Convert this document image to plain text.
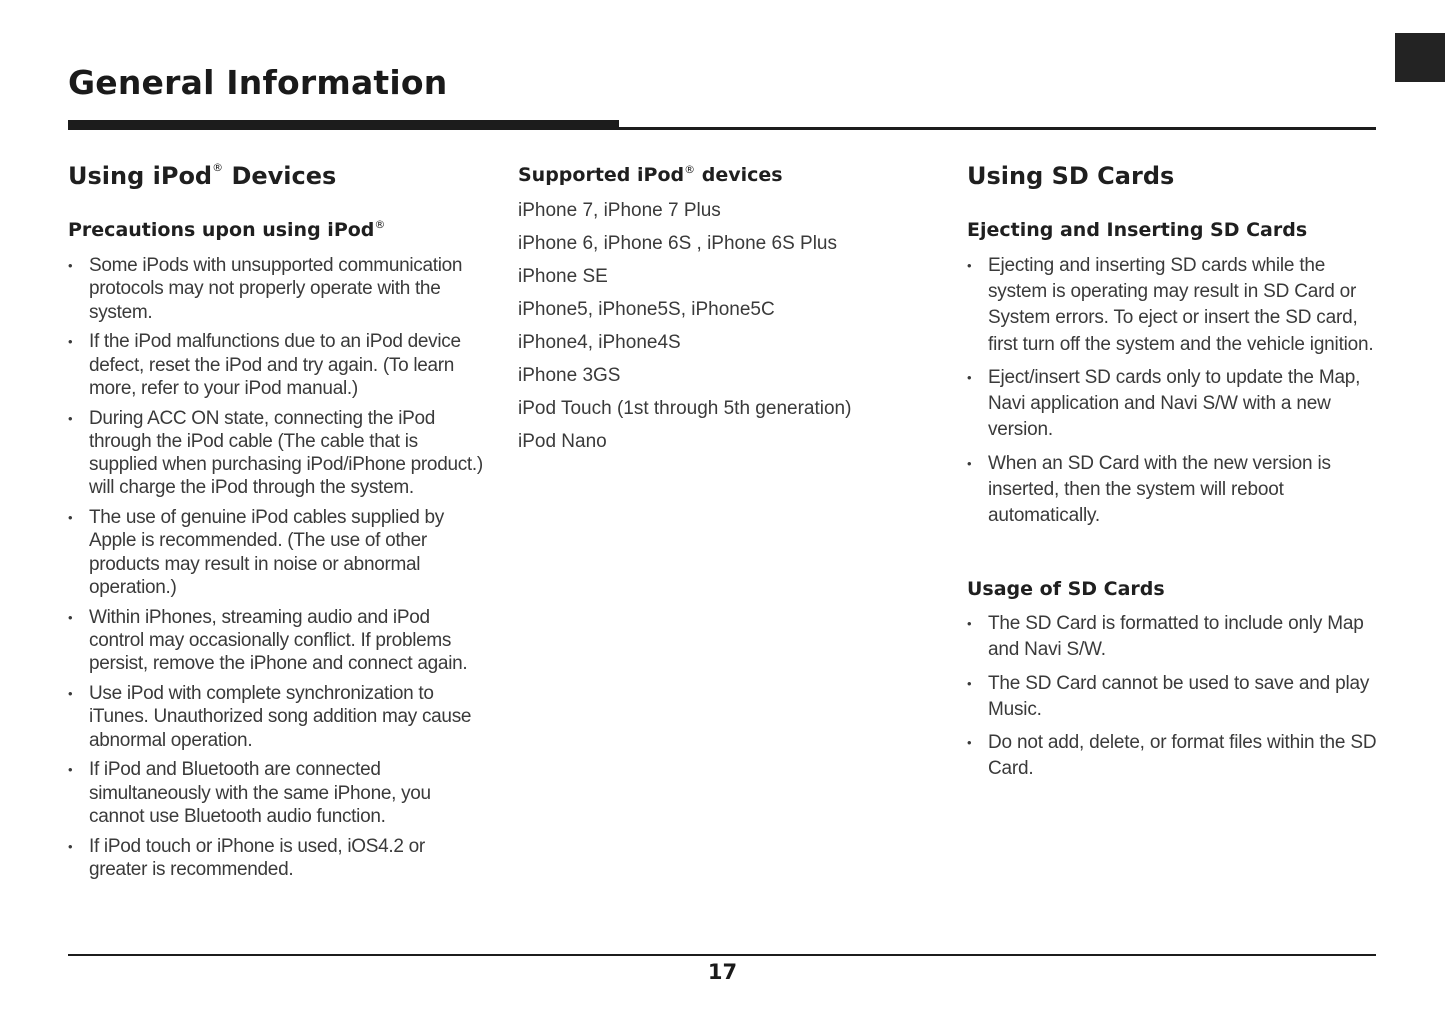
General Information
Using iPod® Devices
Precautions upon using iPod®
• Some iPods with unsupported communication protocols may not properly operate with the system.
• If the iPod malfunctions due to an iPod device defect, reset the iPod and try again. (To learn more, refer to your iPod manual.)
• During ACC ON state, connecting the iPod through the iPod cable (The cable that is supplied when purchasing iPod/iPhone product.) will charge the iPod through the system.
• The use of genuine iPod cables supplied by Apple is recommended. (The use of other products may result in noise or abnormal operation.)
• Within iPhones, streaming audio and iPod control may occasionally conflict. If problems persist, remove the iPhone and connect again.
• Use iPod with complete synchronization to iTunes. Unauthorized song addition may cause abnormal operation.
• If iPod and Bluetooth are connected simultaneously with the same iPhone, you cannot use Bluetooth audio function.
• If iPod touch or iPhone is used, iOS4.2 or greater is recommended.
Supported iPod® devices
iPhone 7, iPhone 7 Plus
iPhone 6, iPhone 6S , iPhone 6S Plus
iPhone SE
iPhone5, iPhone5S, iPhone5C
iPhone4, iPhone4S
iPhone 3GS
iPod Touch (1st through 5th generation)
iPod Nano
Using SD Cards
Ejecting and Inserting SD Cards
• Ejecting and inserting SD cards while the system is operating may result in SD Card or System errors. To eject or insert the SD card, first turn off the system and the vehicle ignition.
• Eject/insert SD cards only to update the Map, Navi application and Navi S/W with a new version.
• When an SD Card with the new version is inserted, then the system will reboot automatically.
Usage of SD Cards
• The SD Card is formatted to include only Map and Navi S/W.
• The SD Card cannot be used to save and play Music.
• Do not add, delete, or format files within the SD Card.
17
